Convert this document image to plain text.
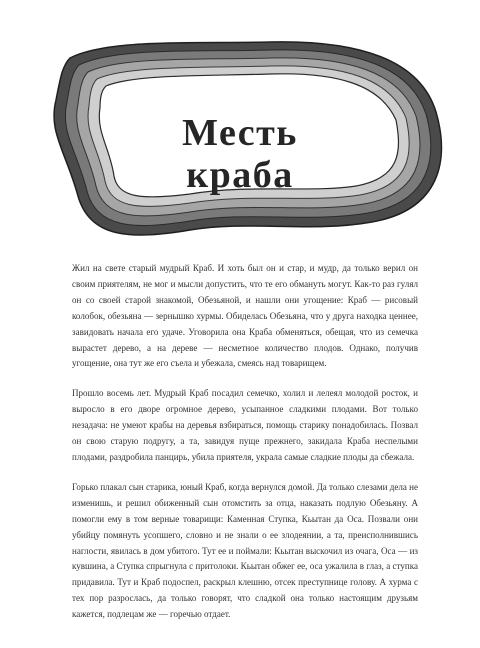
Месть
краба

Жил на свете старый мудрый Краб. И хоть был он и стар, и мудр, да только верил он своим приятелям, не мог и мысли допустить, что те его обмануть могут. Как-то раз гулял он со своей старой знакомой, Обезьяной, и нашли они угощение: Краб — рисовый колобок, обезьяна — зернышко хурмы. Обиделась Обезьяна, что у друга находка ценнее, завидовать начала его удаче. Уговорила она Краба обменяться, обещая, что из семечка вырастет дерево, а на дереве — несметное количество плодов. Однако, получив угощение, она тут же его съела и убежала, смеясь над товарищем.

Прошло восемь лет. Мудрый Краб посадил семечко, холил и лелеял молодой росток, и выросло в его дворе огромное дерево, усыпанное сладкими плодами. Вот только незадача: не умеют крабы на деревья взбираться, помощь старику понадобилась. Позвал он свою старую подругу, а та, завидуя пуще прежнего, закидала Краба неспелыми плодами, раздробила панцирь, убила приятеля, украла самые сладкие плоды да сбежала.

Горько плакал сын старика, юный Краб, когда вернулся домой. Да только слезами дела не изменишь, и решил обиженный сын отомстить за отца, наказать подлую Обезьяну. А помогли ему в том верные товарищи: Каменная Ступка, Кьытан да Оса. Позвали они убийцу помянуть усопшего, словно и не знали о ее злодеянии, а та, преисполнившись наглости, явилась в дом убитого. Тут ее и поймали: Кьытан выскочил из очага, Оса — из кувшина, а Ступка спрыгнула с притолоки. Кьытан обжег ее, оса ужалила в глаз, а ступка придавила. Тут и Краб подоспел, раскрыл клешню, отсек преступнице голову. А хурма с тех пор разрослась, да только говорят, что сладкой она только настоящим друзьям кажется, подлецам же — горечью отдает.
